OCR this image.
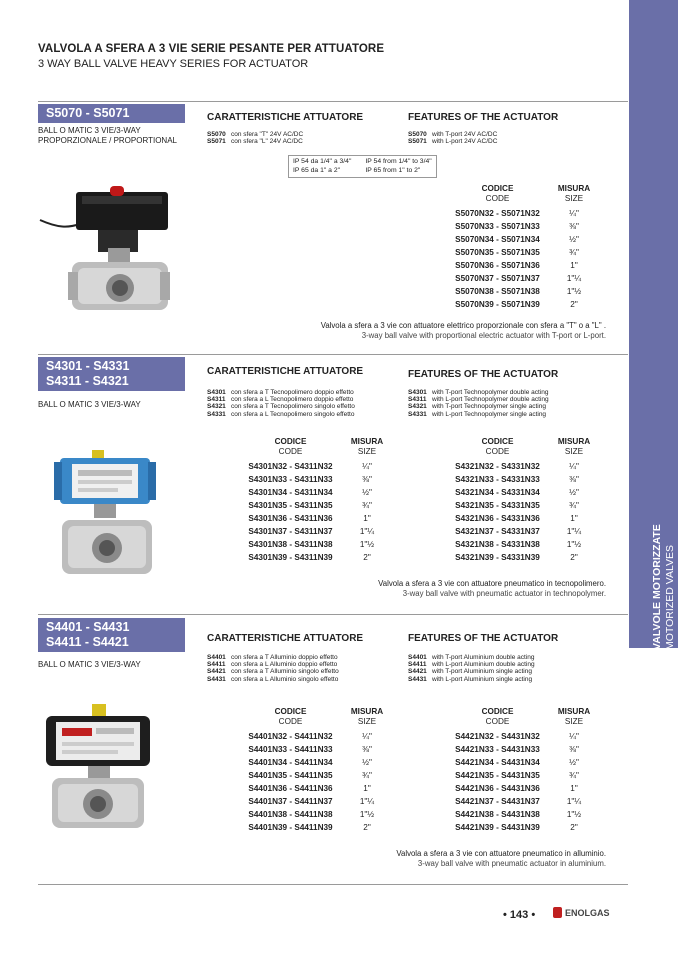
VALVOLA A SFERA A 3 VIE SERIE PESANTE PER ATTUATORE
3 WAY BALL VALVE HEAVY SERIES FOR ACTUATOR
VALVOLE MOTORIZZATE MOTORIZED VALVES
S5070 - S5071
BALL O MATIC 3 VIE/3-WAY
PROPORZIONALE / PROPORTIONAL
CARATTERISTICHE ATTUATORE	FEATURES OF THE ACTUATOR
S5070 con sfera "T" 24V AC/DC
S5071 con sfera "L" 24V AC/DC
S5070 with T-port 24V AC/DC
S5071 with L-port 24V AC/DC
IP 54 da 1/4" a 3/4"
IP 65 da 1" a 2"
IP 54 from 1/4" to 3/4"
IP 65 from 1" to 2"
CODICE
CODE
MISURA
SIZE
S5070N32 - S5071N32	¼"
S5070N33 - S5071N33	⅜"
S5070N34 - S5071N34	½"
S5070N35 - S5071N35	¾"
S5070N36 - S5071N36	1"
S5070N37 - S5071N37	1"¼
S5070N38 - S5071N38	1"½
S5070N39 - S5071N39	2"
Valvola a sfera a 3 vie con attuatore elettrico proporzionale con sfera a "T" o a "L" .
3-way ball valve with proportional electric actuator with T-port or L-port.
S4301 - S4331
S4311 - S4321
BALL O MATIC 3 VIE/3-WAY
CARATTERISTICHE ATTUATORE	FEATURES OF THE ACTUATOR
S4301 con sfera a T Tecnopolimero doppio effetto
S4311 con sfera a L Tecnopolimero doppio effetto
S4321 con sfera a T Tecnopolimero singolo effetto
S4331 con sfera a L Tecnopolimero singolo effetto
S4301 with T-port Technopolymer double acting
S4311 with L-port Technopolymer double acting
S4321 with T-port Technopolymer single acting
S4331 with L-port Technopolymer single acting
CODICE
CODE
MISURA
SIZE
S4301N32 - S4311N32	¼"
S4301N33 - S4311N33	⅜"
S4301N34 - S4311N34	½"
S4301N35 - S4311N35	¾"
S4301N36 - S4311N36	1"
S4301N37 - S4311N37	1"¼
S4301N38 - S4311N38	1"½
S4301N39 - S4311N39	2"
CODICE
CODE
MISURA
SIZE
S4321N32 - S4331N32	¼"
S4321N33 - S4331N33	⅜"
S4321N34 - S4331N34	½"
S4321N35 - S4331N35	¾"
S4321N36 - S4331N36	1"
S4321N37 - S4331N37	1"¼
S4321N38 - S4331N38	1"½
S4321N39 - S4331N39	2"
Valvola a sfera a 3 vie con attuatore pneumatico in tecnopolimero.
3-way ball valve with pneumatic actuator in technopolymer.
S4401 - S4431
S4411 - S4421
BALL O MATIC 3 VIE/3-WAY
CARATTERISTICHE ATTUATORE	FEATURES OF THE ACTUATOR
S4401 con sfera a T Alluminio doppio effetto
S4411 con sfera a L Alluminio doppio effetto
S4421 con sfera a T Alluminio singolo effetto
S4431 con sfera a L Alluminio singolo effetto
S4401 with T-port Aluminium double acting
S4411 with L-port Aluminium double acting
S4421 with T-port Aluminium single acting
S4431 with L-port Aluminium single acting
CODICE
CODE
MISURA
SIZE
S4401N32 - S4411N32	¼"
S4401N33 - S4411N33	⅜"
S4401N34 - S4411N34	½"
S4401N35 - S4411N35	¾"
S4401N36 - S4411N36	1"
S4401N37 - S4411N37	1"¼
S4401N38 - S4411N38	1"½
S4401N39 - S4411N39	2"
CODICE
CODE
MISURA
SIZE
S4421N32 - S4431N32	¼"
S4421N33 - S4431N33	⅜"
S4421N34 - S4431N34	½"
S4421N35 - S4431N35	¾"
S4421N36 - S4431N36	1"
S4421N37 - S4431N37	1"¼
S4421N38 - S4431N38	1"½
S4421N39 - S4431N39	2"
Valvola a sfera a 3 vie con attuatore pneumatico in alluminio.
3-way ball valve with pneumatic actuator in aluminium.
• 143 •	ENOLGAS
